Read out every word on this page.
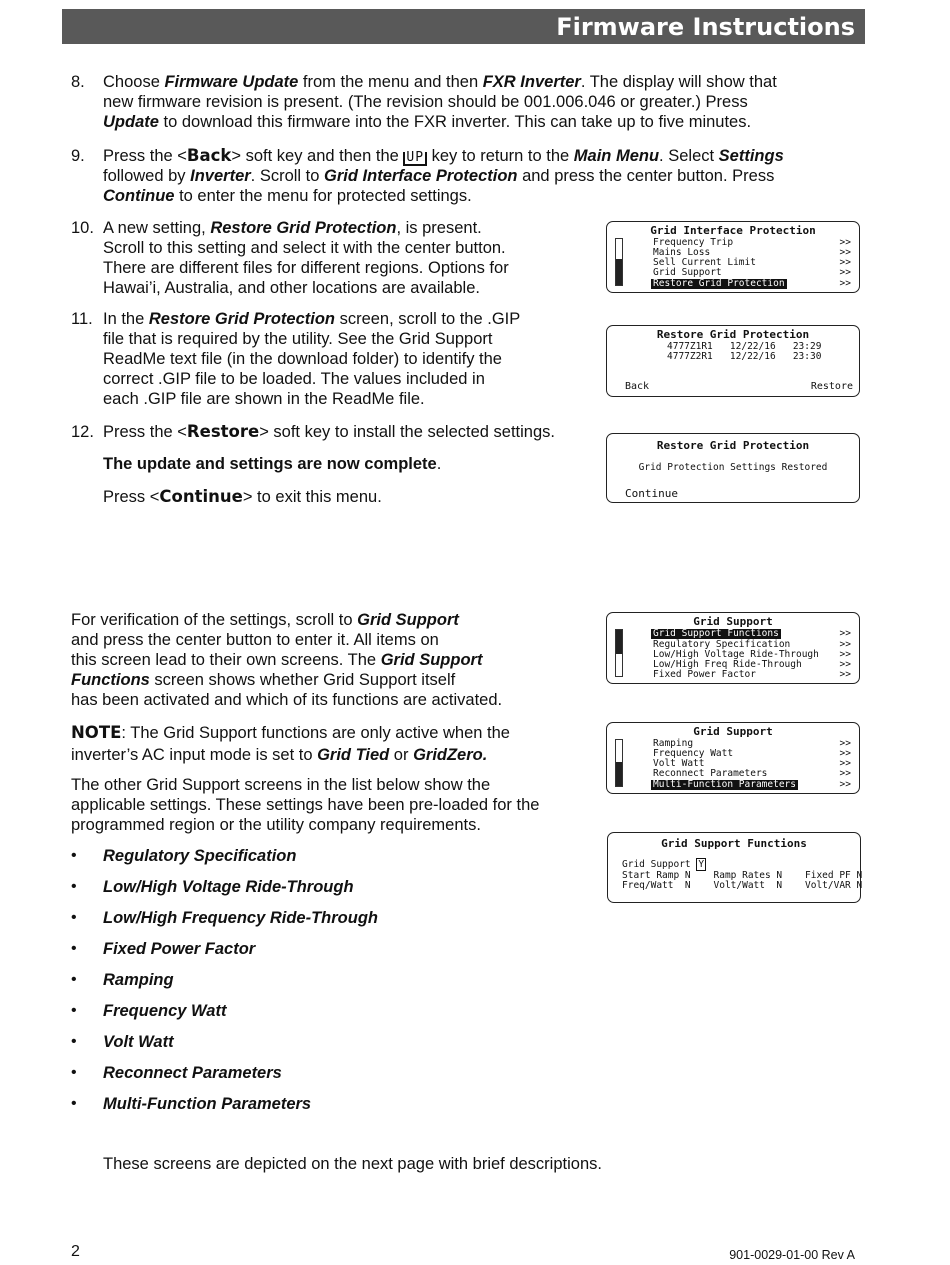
Firmware Instructions
8. Choose Firmware Update from the menu and then FXR Inverter. The display will show that
new firmware revision is present. (The revision should be 001.006.046 or greater.) Press
Update to download this firmware into the FXR inverter. This can take up to five minutes.
9. Press the <Back> soft key and then the UP key to return to the Main Menu. Select Settings
followed by Inverter. Scroll to Grid Interface Protection and press the center button. Press
Continue to enter the menu for protected settings.
10. A new setting, Restore Grid Protection, is present.
Scroll to this setting and select it with the center button.
There are different files for different regions. Options for
Hawai’i, Australia, and other locations are available.
11. In the Restore Grid Protection screen, scroll to the .GIP
file that is required by the utility. See the Grid Support
ReadMe text file (in the download folder) to identify the
correct .GIP file to be loaded. The values included in
each .GIP file are shown in the ReadMe file.
12. Press the <Restore> soft key to install the selected settings.
The update and settings are now complete.
Press <Continue> to exit this menu.
For verification of the settings, scroll to Grid Support
and press the center button to enter it. All items on
this screen lead to their own screens. The Grid Support
Functions screen shows whether Grid Support itself
has been activated and which of its functions are activated.
NOTE: The Grid Support functions are only active when the
inverter’s AC input mode is set to Grid Tied or GridZero.
The other Grid Support screens in the list below show the
applicable settings. These settings have been pre-loaded for the
programmed region or the utility company requirements.
• Regulatory Specification
• Low/High Voltage Ride-Through
• Low/High Frequency Ride-Through
• Fixed Power Factor
• Ramping
• Frequency Watt
• Volt Watt
• Reconnect Parameters
• Multi-Function Parameters
These screens are depicted on the next page with brief descriptions.
Grid Interface Protection
Frequency Trip	>>
Mains Loss	>>
Sell Current Limit	>>
Grid Support	>>
Restore Grid Protection	>>
Restore Grid Protection
4777Z1R1   12/22/16   23:29
4777Z2R1   12/22/16   23:30
Back	Restore
Restore Grid Protection
Grid Protection Settings Restored
Continue
Grid Support
Grid Support Functions	>>
Regulatory Specification	>>
Low/High Voltage Ride-Through >>
Low/High Freq Ride-Through	>>
Fixed Power Factor	>>
Grid Support
Ramping	>>
Frequency Watt	>>
Volt Watt	>>
Reconnect Parameters	>>
Multi-Function Parameters	>>
Grid Support Functions
Grid Support Y
Start Ramp N    Ramp Rates N    Fixed PF N
Freq/Watt  N    Volt/Watt  N    Volt/VAR N
2	901-0029-01-00 Rev A
